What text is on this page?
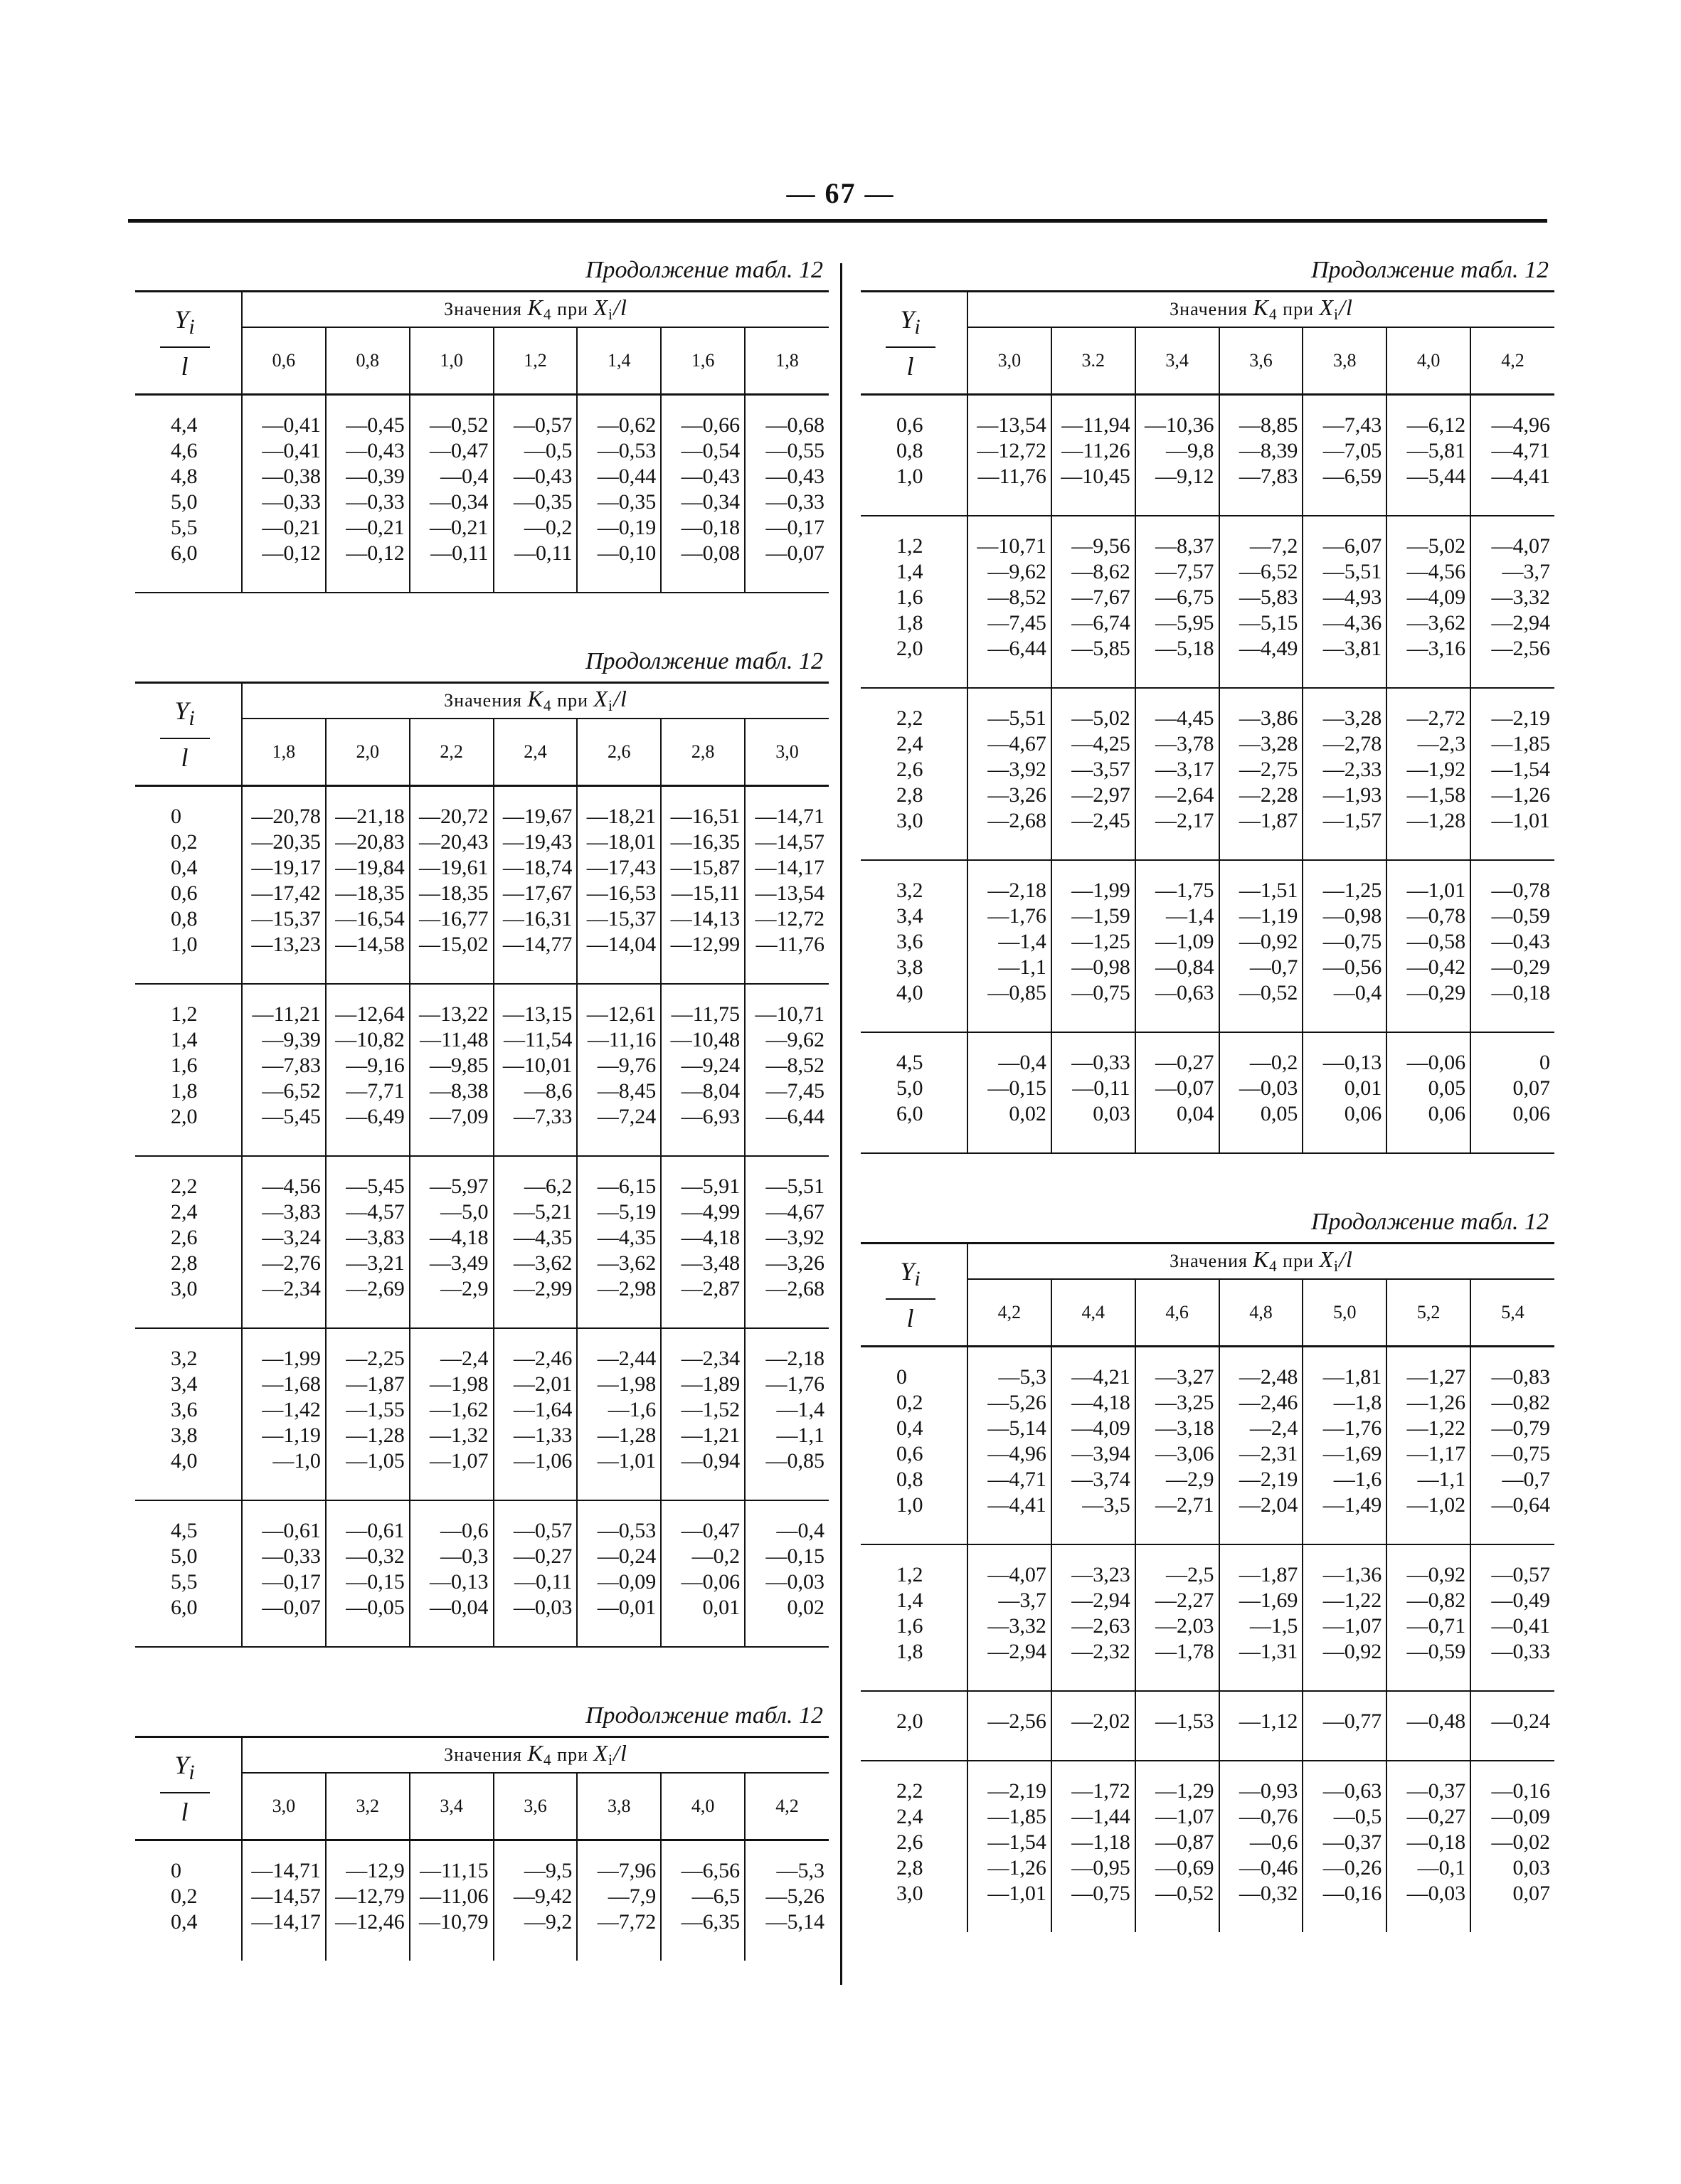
— 67 —
Продолжение табл. 12
$Y_i$
l	Значения $K_4$ при $X_i/l$						
	0,6	0,8	1,0	1,2	1,4	1,6	1,8
4,4	—0,41	—0,45	—0,52	—0,57	—0,62	—0,66	—0,68
4,6	—0,41	—0,43	—0,47	—0,5	—0,53	—0,54	—0,55
4,8	—0,38	—0,39	—0,4	—0,43	—0,44	—0,43	—0,43
5,0	—0,33	—0,33	—0,34	—0,35	—0,35	—0,34	—0,33
5,5	—0,21	—0,21	—0,21	—0,2	—0,19	—0,18	—0,17
6,0	—0,12	—0,12	—0,11	—0,11	—0,10	—0,08	—0,07
Продолжение табл. 12
$Y_i$
l	Значения $K_4$ при $X_i/l$						
	1,8	2,0	2,2	2,4	2,6	2,8	3,0
0	—20,78	—21,18	—20,72	—19,67	—18,21	—16,51	—14,71
0,2	—20,35	—20,83	—20,43	—19,43	—18,01	—16,35	—14,57
0,4	—19,17	—19,84	—19,61	—18,74	—17,43	—15,87	—14,17
0,6	—17,42	—18,35	—18,35	—17,67	—16,53	—15,11	—13,54
0,8	—15,37	—16,54	—16,77	—16,31	—15,37	—14,13	—12,72
1,0	—13,23	—14,58	—15,02	—14,77	—14,04	—12,99	—11,76
1,2	—11,21	—12,64	—13,22	—13,15	—12,61	—11,75	—10,71
1,4	—9,39	—10,82	—11,48	—11,54	—11,16	—10,48	—9,62
1,6	—7,83	—9,16	—9,85	—10,01	—9,76	—9,24	—8,52
1,8	—6,52	—7,71	—8,38	—8,6	—8,45	—8,04	—7,45
2,0	—5,45	—6,49	—7,09	—7,33	—7,24	—6,93	—6,44
2,2	—4,56	—5,45	—5,97	—6,2	—6,15	—5,91	—5,51
2,4	—3,83	—4,57	—5,0	—5,21	—5,19	—4,99	—4,67
2,6	—3,24	—3,83	—4,18	—4,35	—4,35	—4,18	—3,92
2,8	—2,76	—3,21	—3,49	—3,62	—3,62	—3,48	—3,26
3,0	—2,34	—2,69	—2,9	—2,99	—2,98	—2,87	—2,68
3,2	—1,99	—2,25	—2,4	—2,46	—2,44	—2,34	—2,18
3,4	—1,68	—1,87	—1,98	—2,01	—1,98	—1,89	—1,76
3,6	—1,42	—1,55	—1,62	—1,64	—1,6	—1,52	—1,4
3,8	—1,19	—1,28	—1,32	—1,33	—1,28	—1,21	—1,1
4,0	—1,0	—1,05	—1,07	—1,06	—1,01	—0,94	—0,85
4,5	—0,61	—0,61	—0,6	—0,57	—0,53	—0,47	—0,4
5,0	—0,33	—0,32	—0,3	—0,27	—0,24	—0,2	—0,15
5,5	—0,17	—0,15	—0,13	—0,11	—0,09	—0,06	—0,03
6,0	—0,07	—0,05	—0,04	—0,03	—0,01	0,01	0,02
Продолжение табл. 12
$Y_i$
l	Значения $K_4$ при $X_i/l$						
	3,0	3,2	3,4	3,6	3,8	4,0	4,2
0	—14,71	—12,9	—11,15	—9,5	—7,96	—6,56	—5,3
0,2	—14,57	—12,79	—11,06	—9,42	—7,9	—6,5	—5,26
0,4	—14,17	—12,46	—10,79	—9,2	—7,72	—6,35	—5,14
Продолжение табл. 12
$Y_i$
l	Значения $K_4$ при $X_i/l$						
	3,0	3.2	3,4	3,6	3,8	4,0	4,2
0,6	—13,54	—11,94	—10,36	—8,85	—7,43	—6,12	—4,96
0,8	—12,72	—11,26	—9,8	—8,39	—7,05	—5,81	—4,71
1,0	—11,76	—10,45	—9,12	—7,83	—6,59	—5,44	—4,41
1,2	—10,71	—9,56	—8,37	—7,2	—6,07	—5,02	—4,07
1,4	—9,62	—8,62	—7,57	—6,52	—5,51	—4,56	—3,7
1,6	—8,52	—7,67	—6,75	—5,83	—4,93	—4,09	—3,32
1,8	—7,45	—6,74	—5,95	—5,15	—4,36	—3,62	—2,94
2,0	—6,44	—5,85	—5,18	—4,49	—3,81	—3,16	—2,56
2,2	—5,51	—5,02	—4,45	—3,86	—3,28	—2,72	—2,19
2,4	—4,67	—4,25	—3,78	—3,28	—2,78	—2,3	—1,85
2,6	—3,92	—3,57	—3,17	—2,75	—2,33	—1,92	—1,54
2,8	—3,26	—2,97	—2,64	—2,28	—1,93	—1,58	—1,26
3,0	—2,68	—2,45	—2,17	—1,87	—1,57	—1,28	—1,01
3,2	—2,18	—1,99	—1,75	—1,51	—1,25	—1,01	—0,78
3,4	—1,76	—1,59	—1,4	—1,19	—0,98	—0,78	—0,59
3,6	—1,4	—1,25	—1,09	—0,92	—0,75	—0,58	—0,43
3,8	—1,1	—0,98	—0,84	—0,7	—0,56	—0,42	—0,29
4,0	—0,85	—0,75	—0,63	—0,52	—0,4	—0,29	—0,18
4,5	—0,4	—0,33	—0,27	—0,2	—0,13	—0,06	0
5,0	—0,15	—0,11	—0,07	—0,03	0,01	0,05	0,07
6,0	0,02	0,03	0,04	0,05	0,06	0,06	0,06
Продолжение табл. 12
$Y_i$
l	Значения $K_4$ при $X_i/l$						
	4,2	4,4	4,6	4,8	5,0	5,2	5,4
0	—5,3	—4,21	—3,27	—2,48	—1,81	—1,27	—0,83
0,2	—5,26	—4,18	—3,25	—2,46	—1,8	—1,26	—0,82
0,4	—5,14	—4,09	—3,18	—2,4	—1,76	—1,22	—0,79
0,6	—4,96	—3,94	—3,06	—2,31	—1,69	—1,17	—0,75
0,8	—4,71	—3,74	—2,9	—2,19	—1,6	—1,1	—0,7
1,0	—4,41	—3,5	—2,71	—2,04	—1,49	—1,02	—0,64
1,2	—4,07	—3,23	—2,5	—1,87	—1,36	—0,92	—0,57
1,4	—3,7	—2,94	—2,27	—1,69	—1,22	—0,82	—0,49
1,6	—3,32	—2,63	—2,03	—1,5	—1,07	—0,71	—0,41
1,8	—2,94	—2,32	—1,78	—1,31	—0,92	—0,59	—0,33
2,0	—2,56	—2,02	—1,53	—1,12	—0,77	—0,48	—0,24
2,2	—2,19	—1,72	—1,29	—0,93	—0,63	—0,37	—0,16
2,4	—1,85	—1,44	—1,07	—0,76	—0,5	—0,27	—0,09
2,6	—1,54	—1,18	—0,87	—0,6	—0,37	—0,18	—0,02
2,8	—1,26	—0,95	—0,69	—0,46	—0,26	—0,1	0,03
3,0	—1,01	—0,75	—0,52	—0,32	—0,16	—0,03	0,07
